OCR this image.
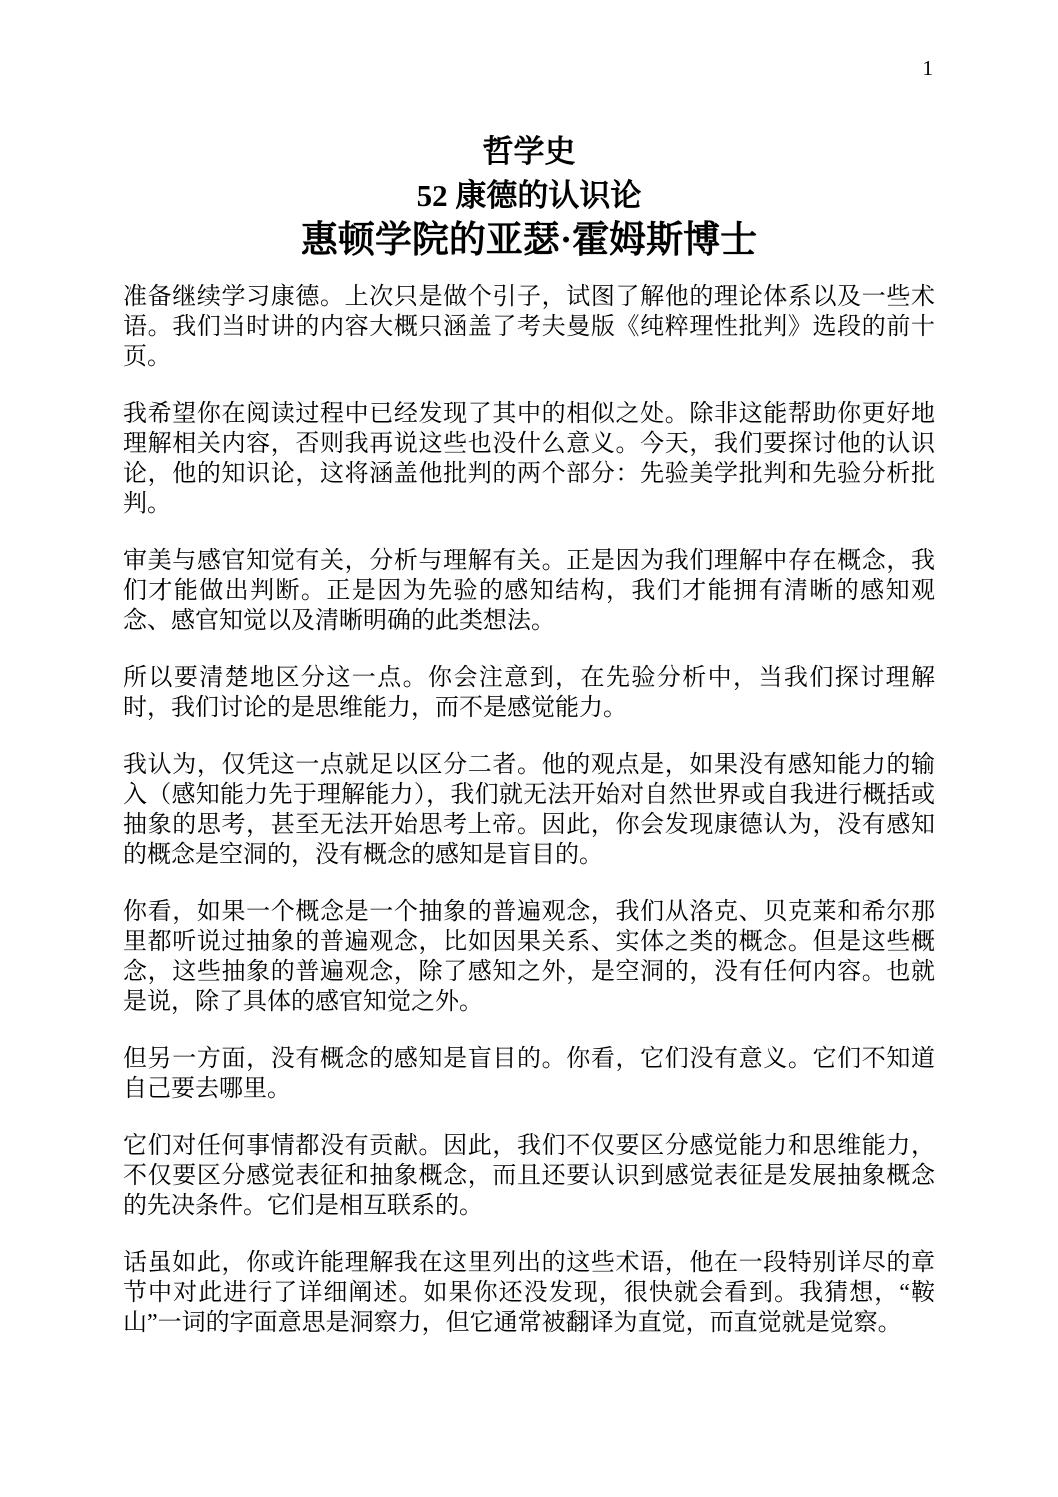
1
哲学史
52 康德的认识论
惠顿学院的亚瑟·霍姆斯博士

准备继续学习康德。上次只是做个引子，试图了解他的理论体系以及一些术语。我们当时讲的内容大概只涵盖了考夫曼版《纯粹理性批判》选段的前十页。

我希望你在阅读过程中已经发现了其中的相似之处。除非这能帮助你更好地理解相关内容，否则我再说这些也没什么意义。今天，我们要探讨他的认识论，他的知识论，这将涵盖他批判的两个部分：先验美学批判和先验分析批判。

审美与感官知觉有关，分析与理解有关。正是因为我们理解中存在概念，我们才能做出判断。正是因为先验的感知结构，我们才能拥有清晰的感知观念、感官知觉以及清晰明确的此类想法。

所以要清楚地区分这一点。你会注意到，在先验分析中，当我们探讨理解时，我们讨论的是思维能力，而不是感觉能力。

我认为，仅凭这一点就足以区分二者。他的观点是，如果没有感知能力的输入（感知能力先于理解能力），我们就无法开始对自然世界或自我进行概括或抽象的思考，甚至无法开始思考上帝。因此，你会发现康德认为，没有感知的概念是空洞的，没有概念的感知是盲目的。

你看，如果一个概念是一个抽象的普遍观念，我们从洛克、贝克莱和希尔那里都听说过抽象的普遍观念，比如因果关系、实体之类的概念。但是这些概念，这些抽象的普遍观念，除了感知之外，是空洞的，没有任何内容。也就是说，除了具体的感官知觉之外。

但另一方面，没有概念的感知是盲目的。你看，它们没有意义。它们不知道自己要去哪里。

它们对任何事情都没有贡献。因此，我们不仅要区分感觉能力和思维能力，不仅要区分感觉表征和抽象概念，而且还要认识到感觉表征是发展抽象概念的先决条件。它们是相互联系的。

话虽如此，你或许能理解我在这里列出的这些术语，他在一段特别详尽的章节中对此进行了详细阐述。如果你还没发现，很快就会看到。我猜想，“鞍山”一词的字面意思是洞察力，但它通常被翻译为直觉，而直觉就是觉察。
